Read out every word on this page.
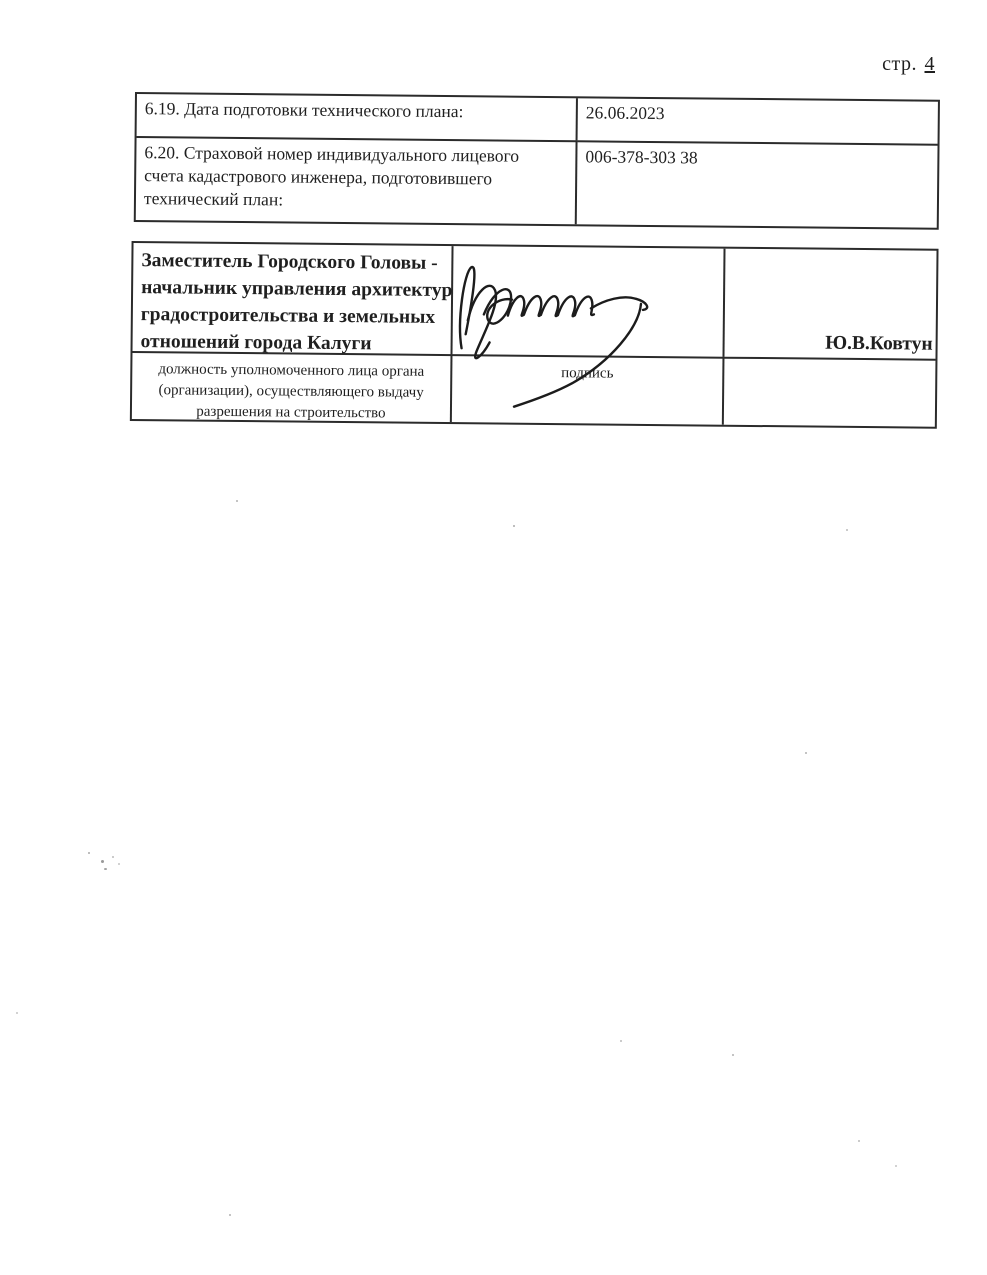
стр. 4
6.19. Дата подготовки технического плана:	26.06.2023
6.20. Страховой номер индивидуального лицевого
счета кадастрового инженера, подготовившего
технический план:
006-378-303 38
Заместитель Городского Головы -
начальник управления архитектур
градостроительства и земельных
отношений города Калуги	Ю.В.Ковтун
должность уполномоченного лица органа
(организации), осуществляющего выдачу
разрешения на строительство
подпись
